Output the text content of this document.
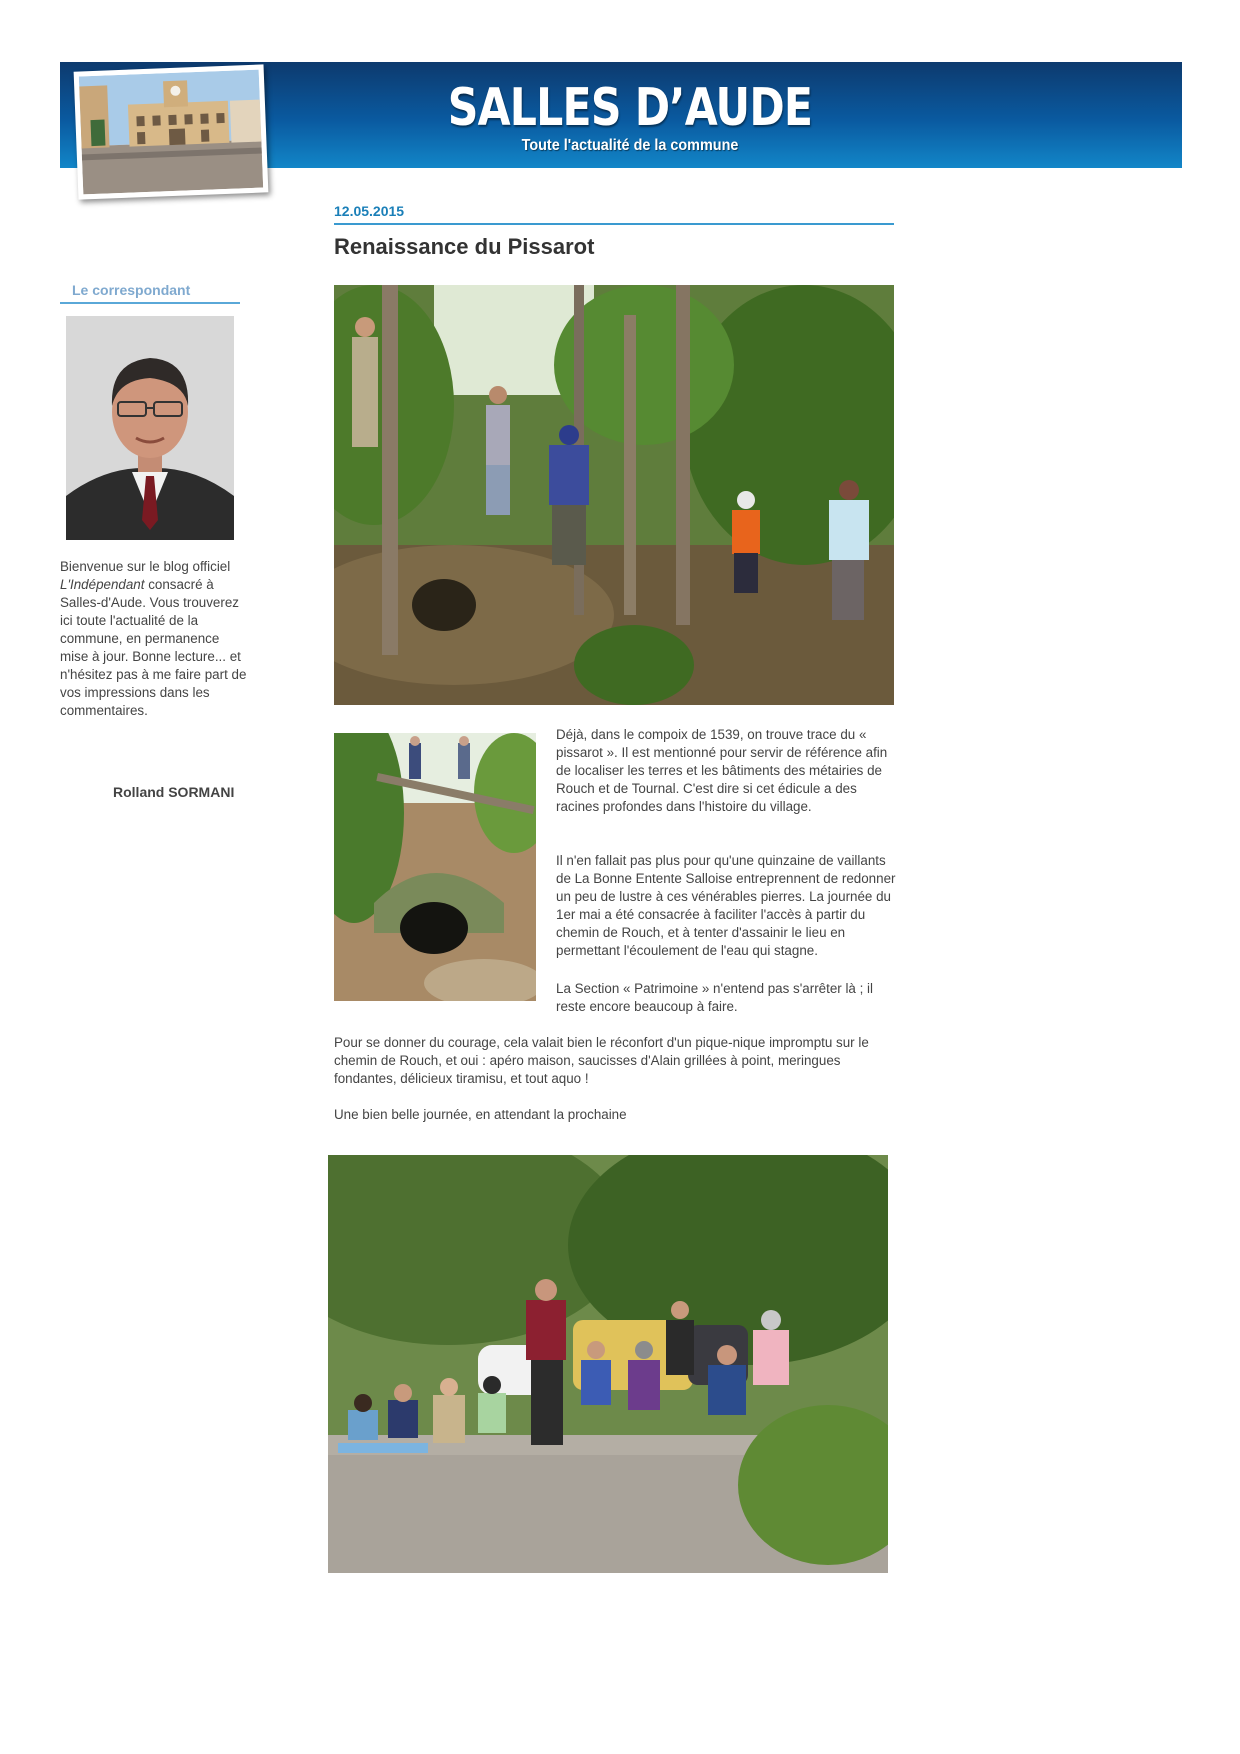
SALLES D’AUDE
Toute l'actualité de la commune
Le correspondant
Bienvenue sur le blog officiel L'Indépendant consacré à Salles-d'Aude. Vous trouverez ici toute l'actualité de la commune, en permanence mise à jour. Bonne lecture... et n'hésitez pas à me faire part de vos impressions dans les commentaires.
Rolland SORMANI
12.05.2015
Renaissance du Pissarot

Déjà, dans le compoix de 1539, on trouve trace du « pissarot ». Il est mentionné pour servir de référence afin de localiser les terres et les bâtiments des métairies de Rouch et de Tournal. C'est dire si cet édicule a des racines profondes dans l'histoire du village.

Il n'en fallait pas plus pour qu'une quinzaine de vaillants de La Bonne Entente Salloise entreprennent de redonner un peu de lustre à ces vénérables pierres. La journée du 1er mai a été consacrée à faciliter l'accès à partir du chemin de Rouch, et à tenter d'assainir le lieu en permettant l'écoulement de l'eau qui stagne.

La Section « Patrimoine » n'entend pas s'arrêter là ; il reste encore beaucoup à faire.

Pour se donner du courage, cela valait bien le réconfort d'un pique-nique impromptu sur le chemin de Rouch, et oui : apéro maison, saucisses d'Alain grillées à point, meringues fondantes, délicieux tiramisu, et tout aquo !

Une bien belle journée, en attendant la prochaine
